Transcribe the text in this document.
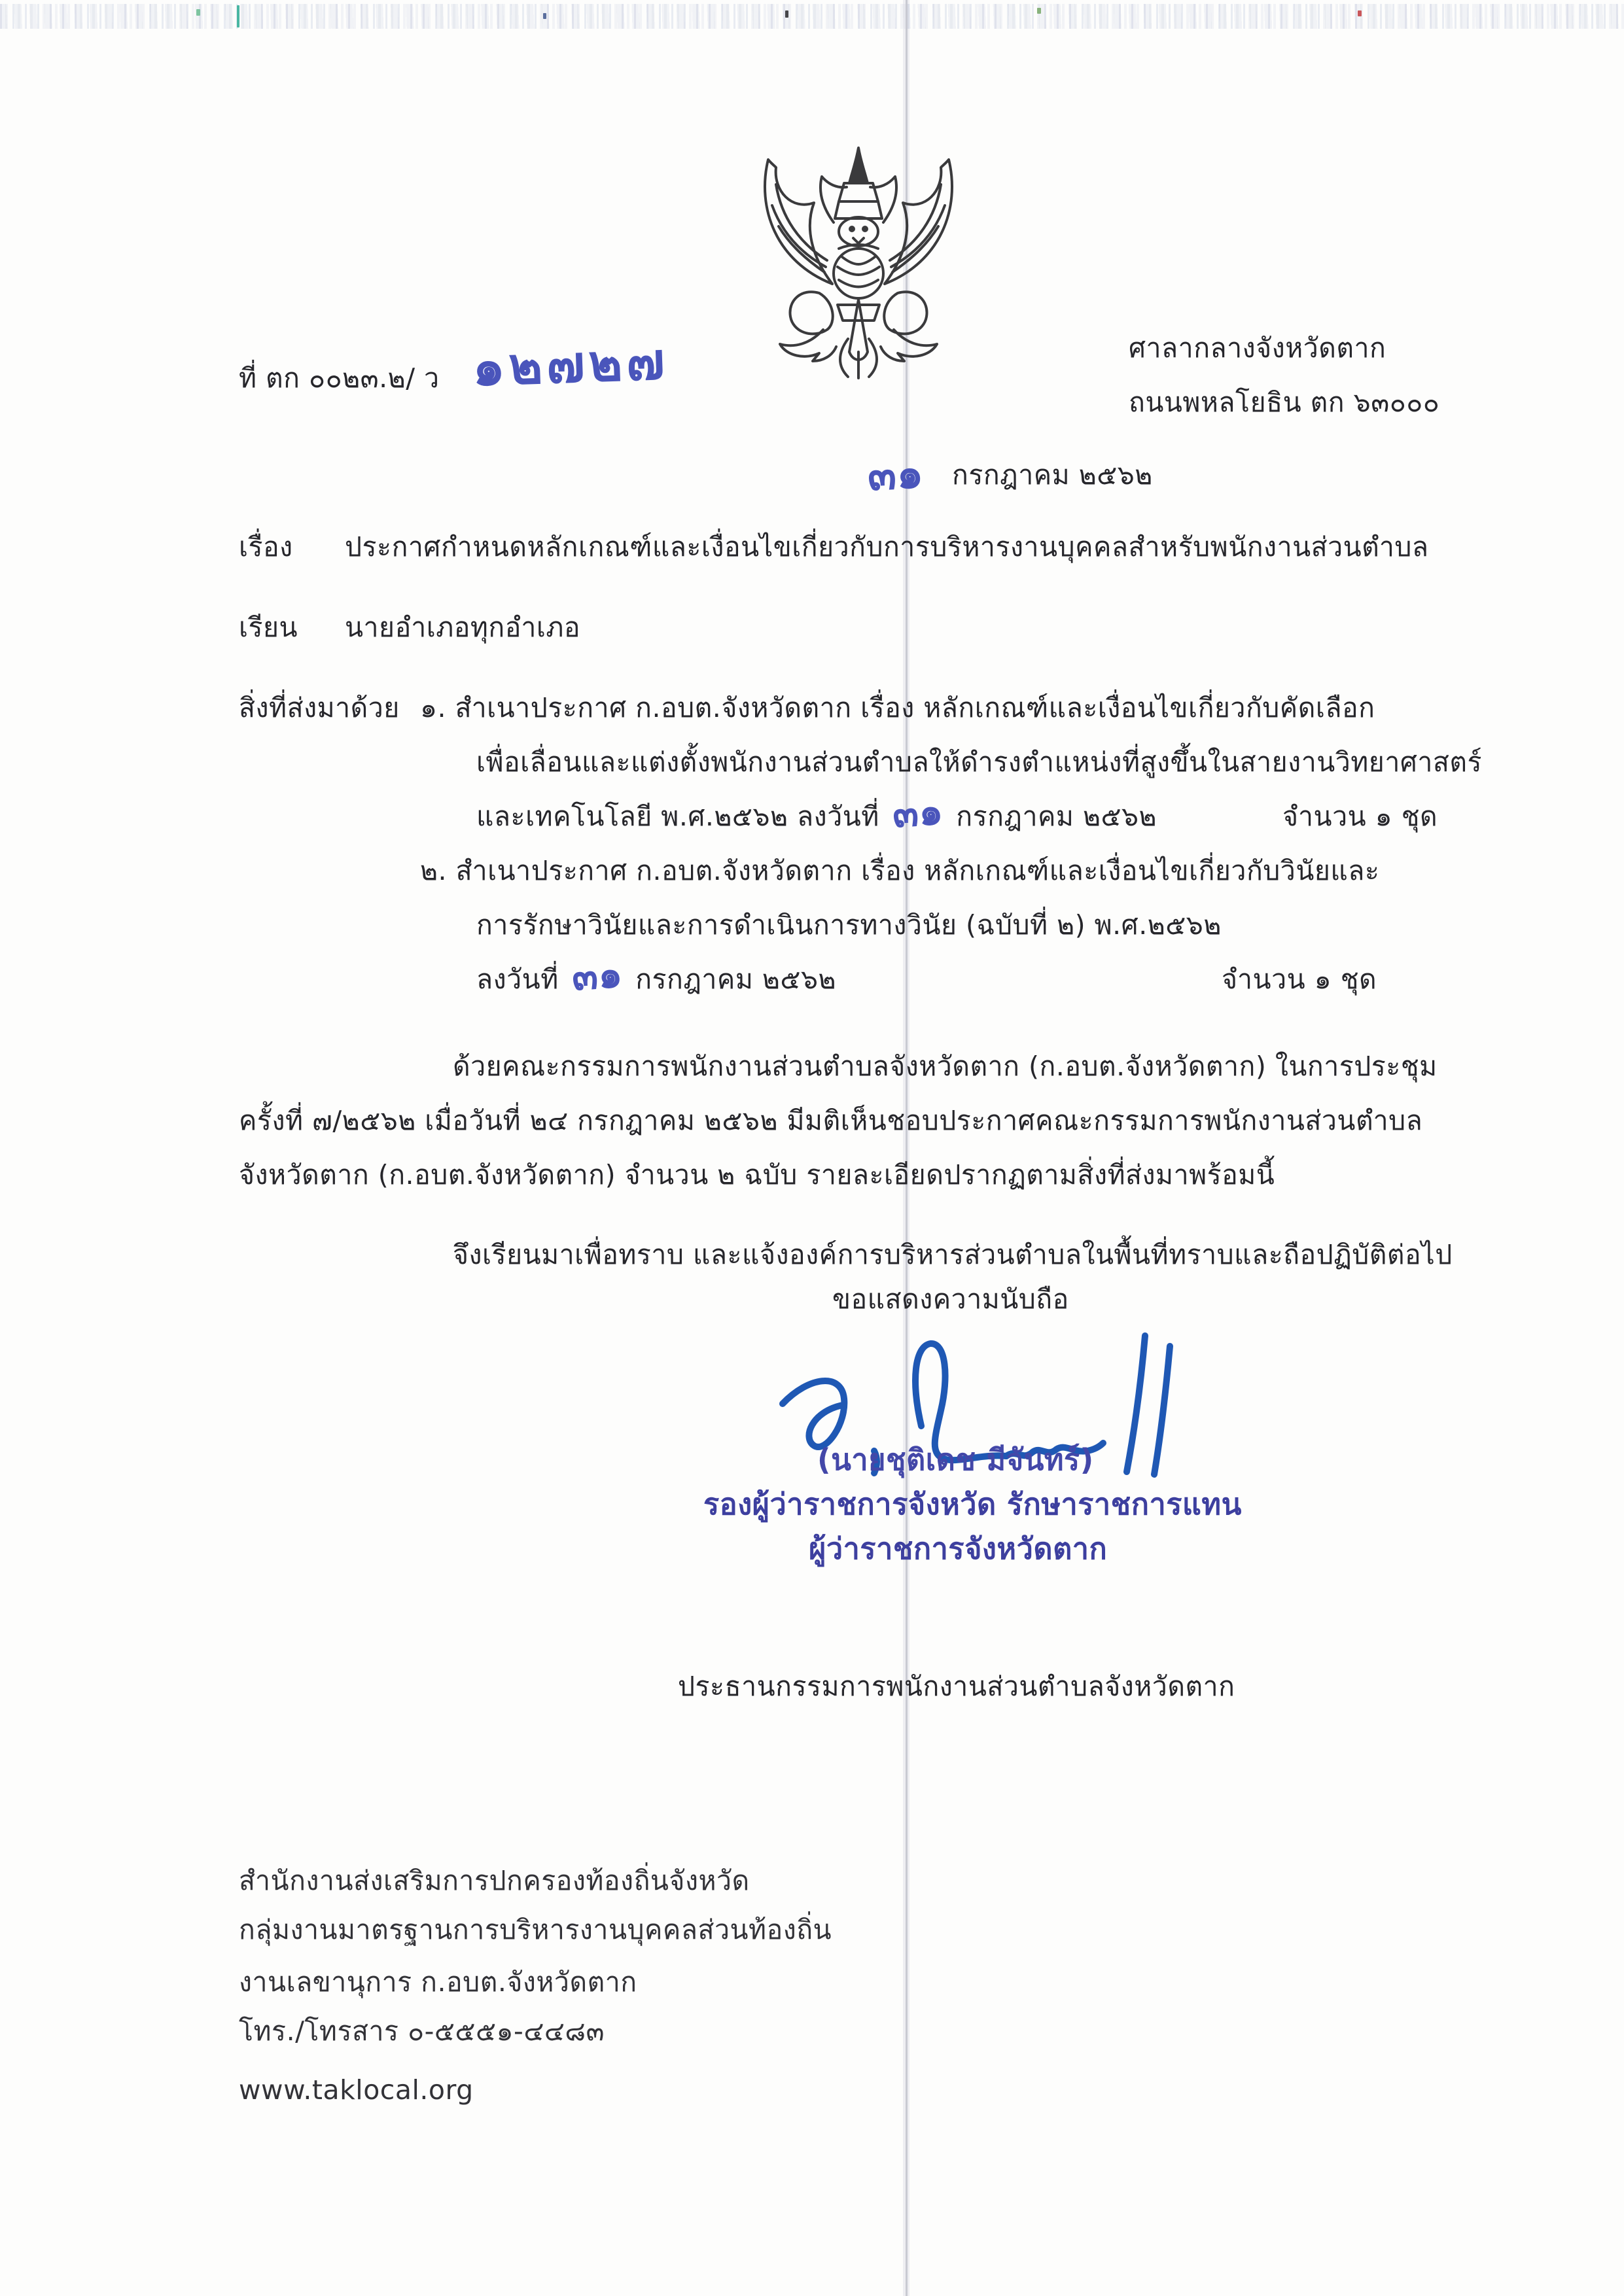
ที่ ตก ๐๐๒๓.๒/ ว ๑๒๗๒๗	ศาลากลางจังหวัดตาก
ถนนพหลโยธิน ตก ๖๓๐๐๐
๓๑ กรกฎาคม ๒๕๖๒
เรื่อง ประกาศกำหนดหลักเกณฑ์และเงื่อนไขเกี่ยวกับการบริหารงานบุคคลสำหรับพนักงานส่วนตำบล
เรียน นายอำเภอทุกอำเภอ
สิ่งที่ส่งมาด้วย ๑. สำเนาประกาศ ก.อบต.จังหวัดตาก เรื่อง หลักเกณฑ์และเงื่อนไขเกี่ยวกับคัดเลือก
เพื่อเลื่อนและแต่งตั้งพนักงานส่วนตำบลให้ดำรงตำแหน่งที่สูงขึ้นในสายงานวิทยาศาสตร์
และเทคโนโลยี พ.ศ.๒๕๖๒ ลงวันที่ ๓๑ กรกฎาคม ๒๕๖๒	จำนวน ๑ ชุด
๒. สำเนาประกาศ ก.อบต.จังหวัดตาก เรื่อง หลักเกณฑ์และเงื่อนไขเกี่ยวกับวินัยและ
การรักษาวินัยและการดำเนินการทางวินัย (ฉบับที่ ๒) พ.ศ.๒๕๖๒
ลงวันที่ ๓๑ กรกฎาคม ๒๕๖๒	จำนวน ๑ ชุด
ด้วยคณะกรรมการพนักงานส่วนตำบลจังหวัดตาก (ก.อบต.จังหวัดตาก) ในการประชุม
ครั้งที่ ๗/๒๕๖๒ เมื่อวันที่ ๒๔ กรกฎาคม ๒๕๖๒ มีมติเห็นชอบประกาศคณะกรรมการพนักงานส่วนตำบล
จังหวัดตาก (ก.อบต.จังหวัดตาก) จำนวน ๒ ฉบับ รายละเอียดปรากฏตามสิ่งที่ส่งมาพร้อมนี้
จึงเรียนมาเพื่อทราบ และแจ้งองค์การบริหารส่วนตำบลในพื้นที่ทราบและถือปฏิบัติต่อไป
ขอแสดงความนับถือ
(นายชุติเดช มีจันทร์)
รองผู้ว่าราชการจังหวัด รักษาราชการแทน
ผู้ว่าราชการจังหวัดตาก
ประธานกรรมการพนักงานส่วนตำบลจังหวัดตาก
สำนักงานส่งเสริมการปกครองท้องถิ่นจังหวัด
กลุ่มงานมาตรฐานการบริหารงานบุคคลส่วนท้องถิ่น
งานเลขานุการ ก.อบต.จังหวัดตาก
โทร./โทรสาร ๐-๕๕๕๑-๔๔๘๓
www.taklocal.org
